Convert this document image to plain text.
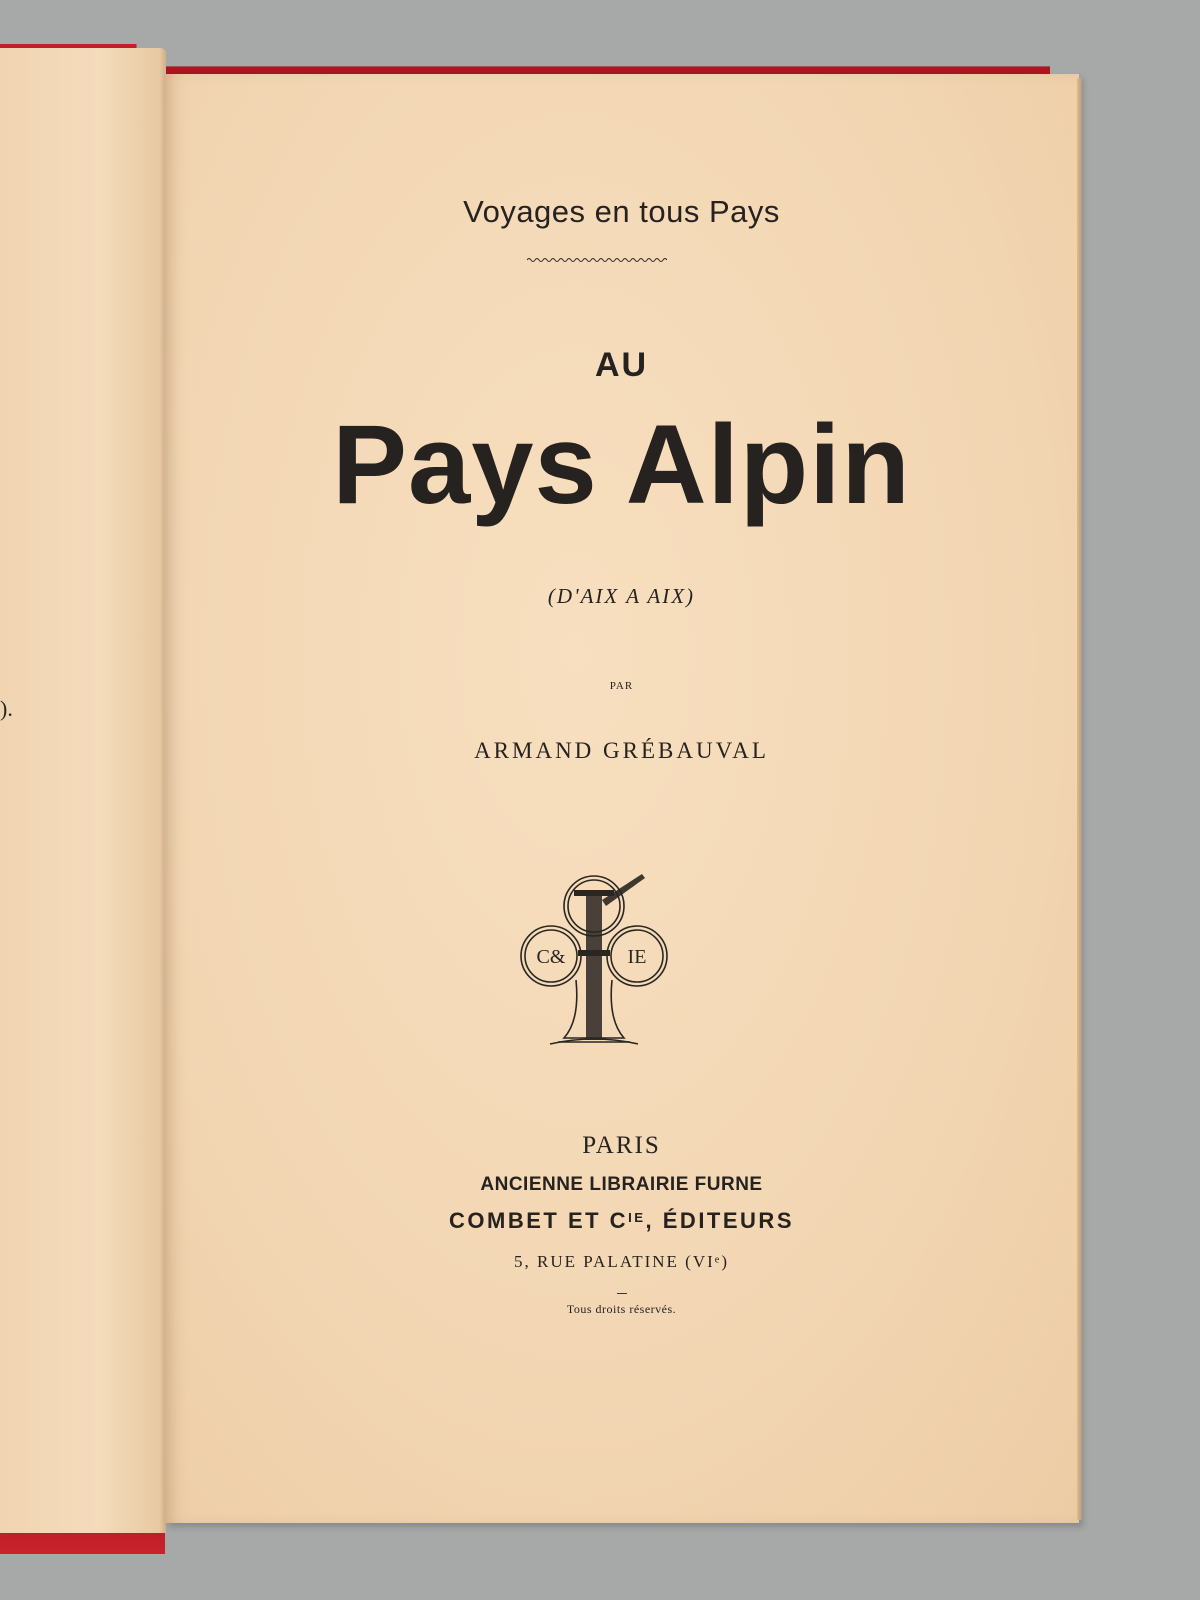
).
Voyages en tous Pays
AU
Pays Alpin
(D'AIX A AIX)
PAR
ARMAND GRÉBAUVAL
C&	IE
PARIS
ANCIENNE LIBRAIRIE FURNE
COMBET ET $C^{IE}$, ÉDITEURS
5, RUE PALATINE (VIe)
Tous droits réservés.
